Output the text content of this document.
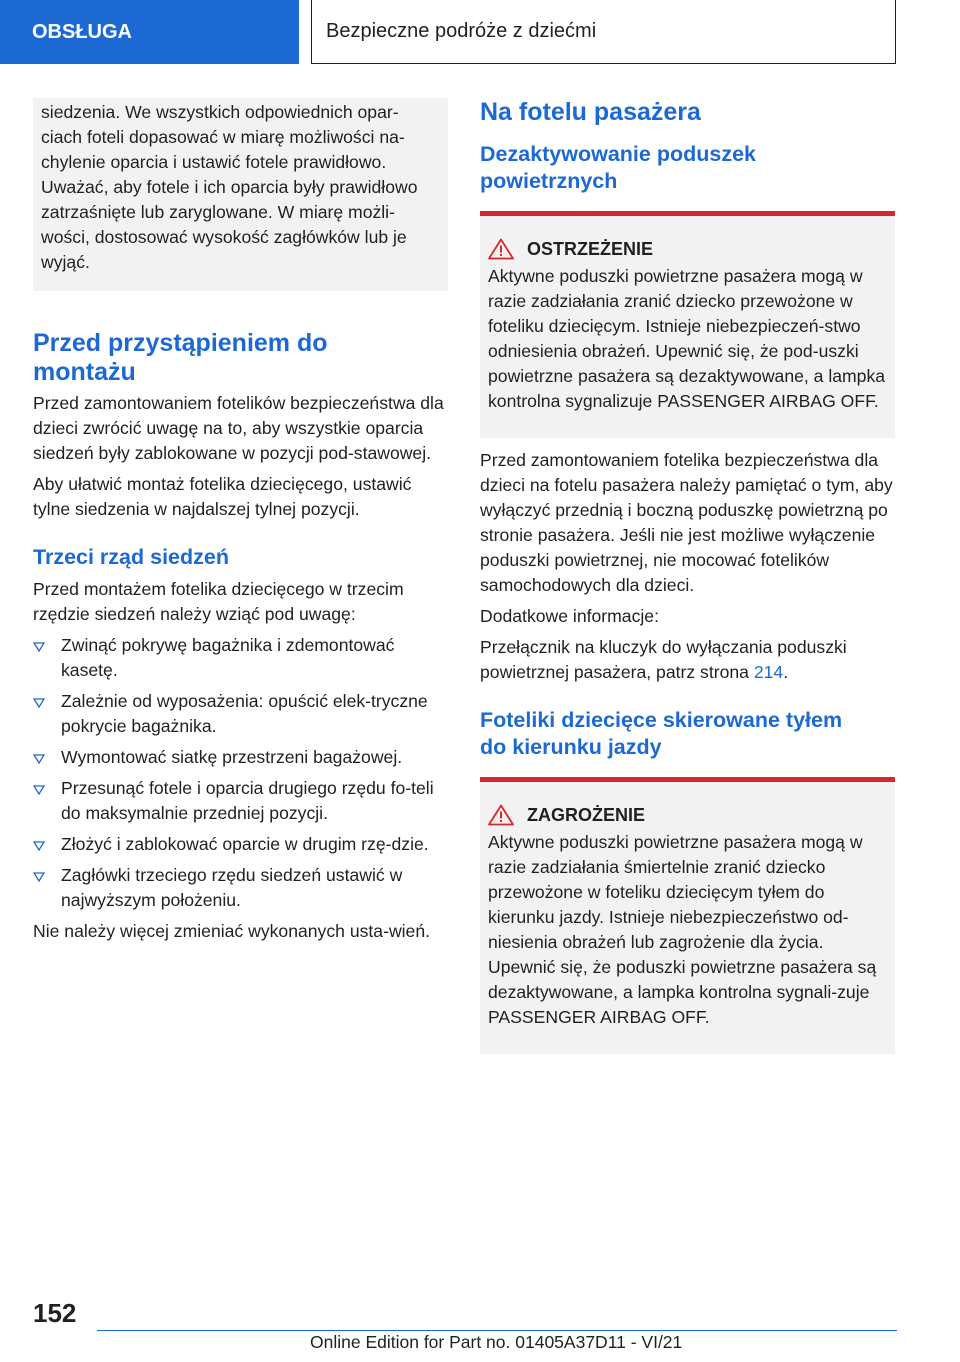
OBSŁUGA	Bezpieczne podróże z dziećmi

siedzenia. We wszystkich odpowiednich opar-

ciach foteli dopasować w miarę możliwości na-

chylenie oparcia i ustawić fotele prawidłowo.

Uważać, aby fotele i ich oparcia były prawidłowo

zatrzaśnięte lub zaryglowane. W miarę możli-

wości, dostosować wysokość zagłówków lub je

wyjąć.

Przed przystąpieniem do
montażu

Przed zamontowaniem fotelików bezpieczeństwa dla dzieci zwrócić uwagę na to, aby wszystkie oparcia siedzeń były zablokowane w pozycji pod-stawowej.

Aby ułatwić montaż fotelika dziecięcego, ustawić tylne siedzenia w najdalszej tylnej pozycji.

Trzeci rząd siedzeń

Przed montażem fotelika dziecięcego w trzecim rzędzie siedzeń należy wziąć pod uwagę:

Zwinąć pokrywę bagażnika i zdemontować kasetę.
Zależnie od wyposażenia: opuścić elek-tryczne pokrycie bagażnika.
Wymontować siatkę przestrzeni bagażowej.
Przesunąć fotele i oparcia drugiego rzędu fo-teli do maksymalnie przedniej pozycji.
Złożyć i zablokować oparcie w drugim rzę-dzie.
Zagłówki trzeciego rzędu siedzeń ustawić w najwyższym położeniu.

Nie należy więcej zmieniać wykonanych usta-wień.

Na fotelu pasażera
Dezaktywowanie poduszek
powietrznych
OSTRZEŻENIE

Aktywne poduszki powietrzne pasażera mogą w razie zadziałania zranić dziecko przewożone w foteliku dziecięcym. Istnieje niebezpieczeń-stwo odniesienia obrażeń. Upewnić się, że pod-uszki powietrzne pasażera są dezaktywowane, a lampka kontrolna sygnalizuje PASSENGER AIRBAG OFF.

Przed zamontowaniem fotelika bezpieczeństwa dla dzieci na fotelu pasażera należy pamiętać o tym, aby wyłączyć przednią i boczną poduszkę powietrzną po stronie pasażera. Jeśli nie jest możliwe wyłączenie poduszki powietrznej, nie mocować fotelików samochodowych dla dzieci.

Dodatkowe informacje:

Przełącznik na kluczyk do wyłączania poduszki powietrznej pasażera, patrz strona 214.

Foteliki dziecięce skierowane tyłem
do kierunku jazdy
ZAGROŻENIE

Aktywne poduszki powietrzne pasażera mogą w razie zadziałania śmiertelnie zranić dziecko przewożone w foteliku dziecięcym tyłem do kierunku jazdy. Istnieje niebezpieczeństwo od-niesienia obrażeń lub zagrożenie dla życia. Upewnić się, że poduszki powietrzne pasażera są dezaktywowane, a lampka kontrolna sygnali-zuje PASSENGER AIRBAG OFF.

152
Online Edition for Part no. 01405A37D11 - VI/21
